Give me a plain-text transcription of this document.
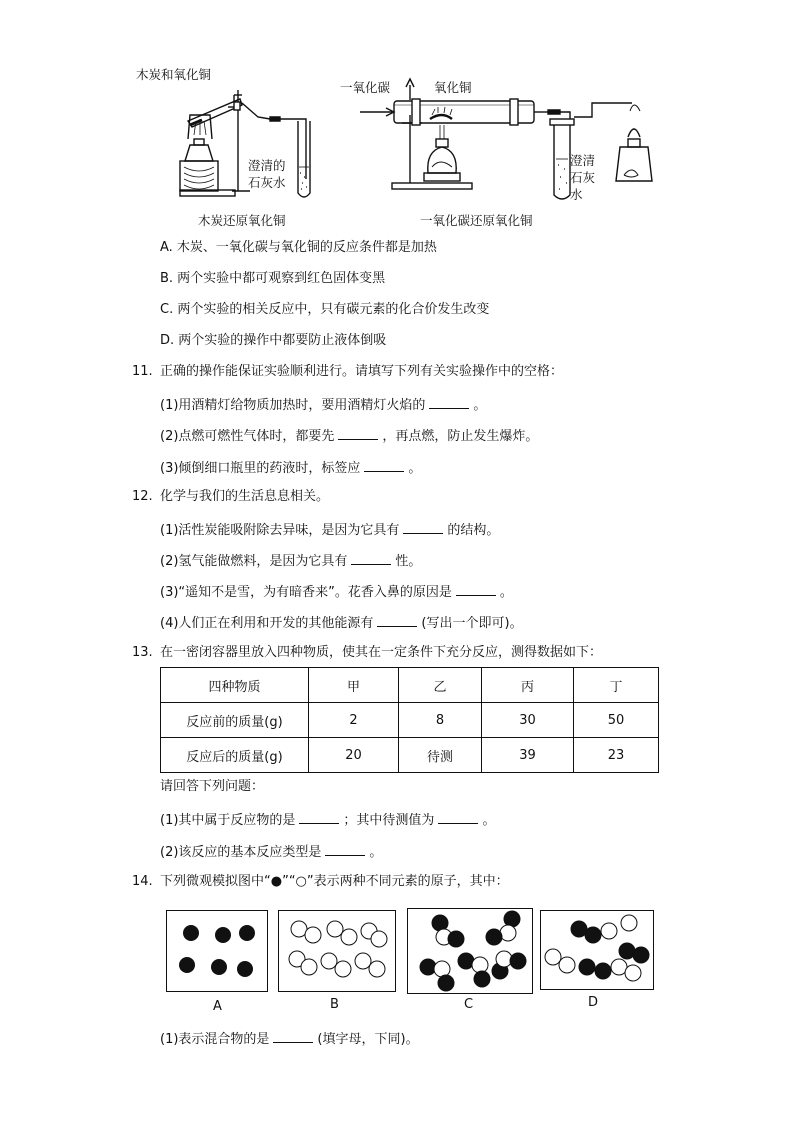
木炭和氧化铜
澄清的
石灰水
木炭还原氧化铜
一氧化碳	氧化铜
澄清
石灰
水
一氧化碳还原氧化铜
A. 木炭、一氧化碳与氧化铜的反应条件都是加热
B. 两个实验中都可观察到红色固体变黑
C. 两个实验的相关反应中，只有碳元素的化合价发生改变
D. 两个实验的操作中都要防止液体倒吸
11. 正确的操作能保证实验顺利进行。请填写下列有关实验操作中的空格：
(1)用酒精灯给物质加热时，要用酒精灯火焰的	。
(2)点燃可燃性气体时，都要先	，再点燃，防止发生爆炸。
(3)倾倒细口瓶里的药液时，标签应	。
12. 化学与我们的生活息息相关。
(1)活性炭能吸附除去异味，是因为它具有	的结构。
(2)氢气能做燃料，是因为它具有	性。
(3)“遥知不是雪，为有暗香来”。花香入鼻的原因是	。
(4)人们正在利用和开发的其他能源有	(写出一个即可)。
13. 在一密闭容器里放入四种物质，使其在一定条件下充分反应，测得数据如下：
四种物质	甲	乙	丙	丁
反应前的质量(g)	2	8	30	50
反应后的质量(g)	20	待测	39	23
请回答下列问题：
(1)其中属于反应物的是	；其中待测值为	。
(2)该反应的基本反应类型是	。
14. 下列微观模拟图中“●”“○”表示两种不同元素的原子，其中：
A	B	C	D
(1)表示混合物的是	(填字母，下同)。
